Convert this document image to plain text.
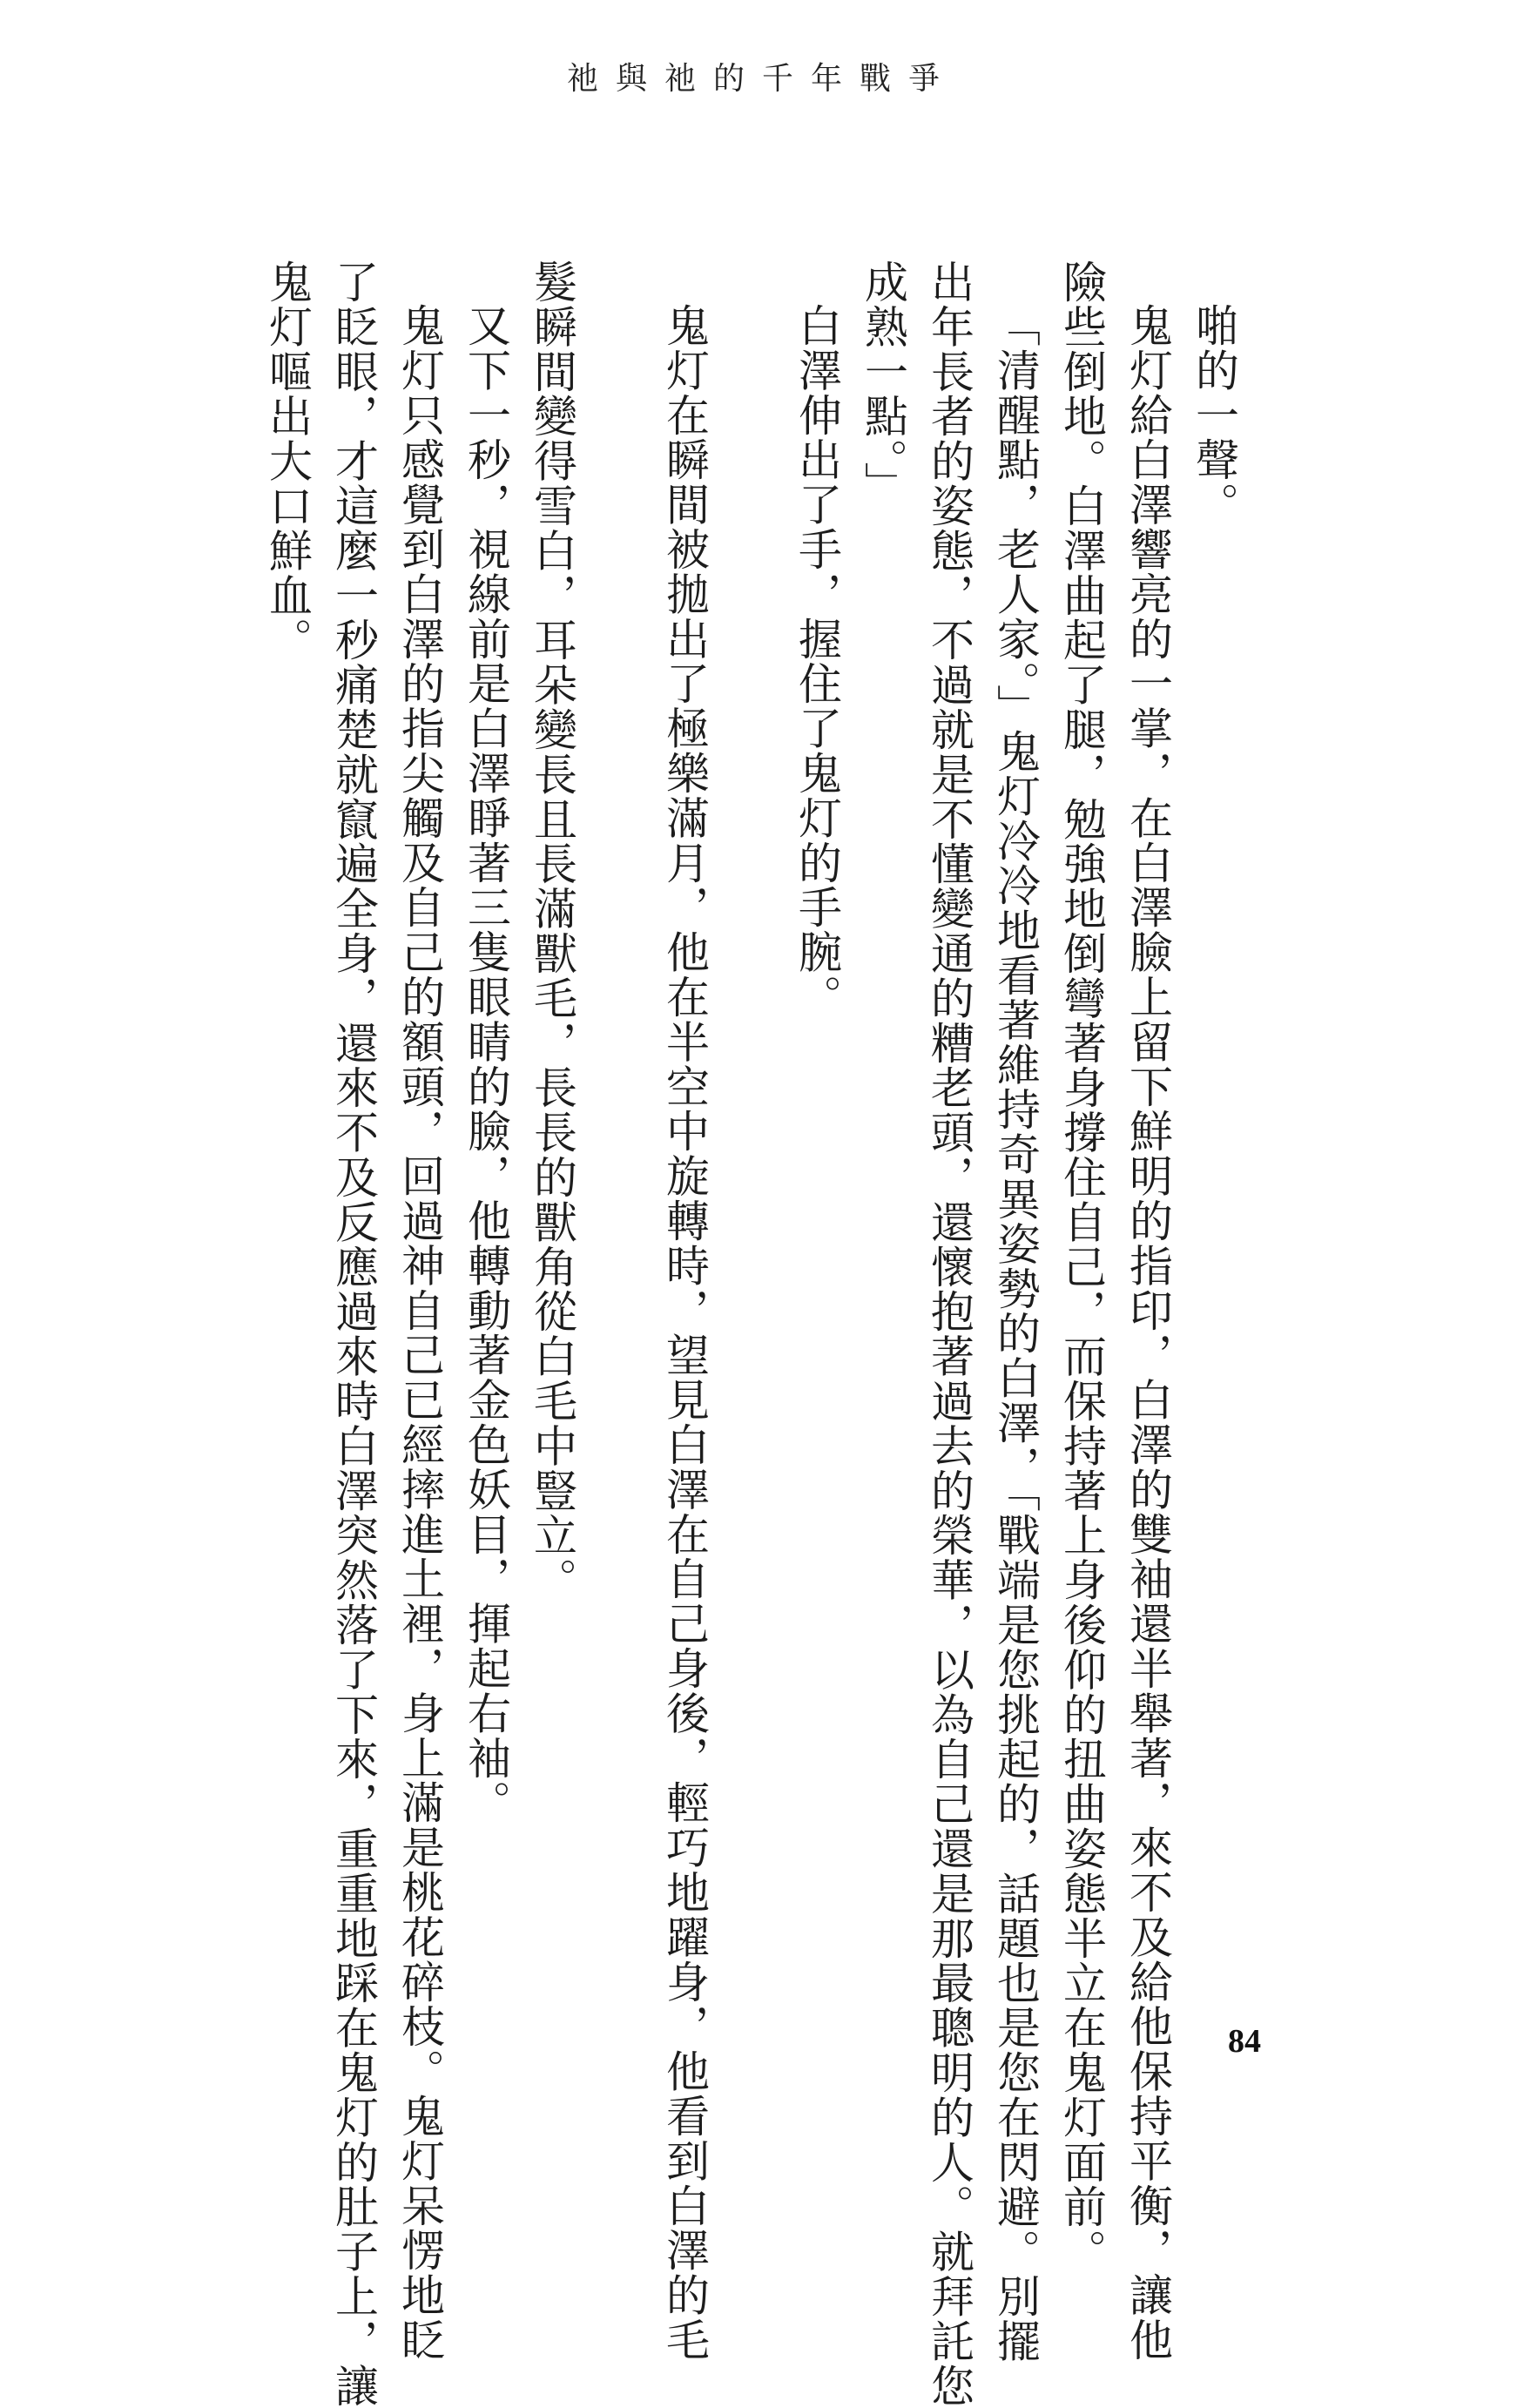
祂與祂的千年戰爭
啪的一聲。
鬼灯給白澤響亮的一掌，在白澤臉上留下鮮明的指印，白澤的雙袖還半舉著，來不及給他保持平衡，讓他
險些倒地。白澤曲起了腿，勉強地倒彎著身撐住自己，而保持著上身後仰的扭曲姿態半立在鬼灯面前。
「清醒點，老人家。」鬼灯冷冷地看著維持奇異姿勢的白澤，「戰端是您挑起的，話題也是您在閃避。別擺
出年長者的姿態，不過就是不懂變通的糟老頭，還懷抱著過去的榮華，以為自己還是那最聰明的人。就拜託您
成熟一點。」
白澤伸出了手，握住了鬼灯的手腕。
鬼灯在瞬間被拋出了極樂滿月，他在半空中旋轉時，望見白澤在自己身後，輕巧地躍身，他看到白澤的毛
髮瞬間變得雪白，耳朵變長且長滿獸毛，長長的獸角從白毛中豎立。
又下一秒，視線前是白澤睜著三隻眼睛的臉，他轉動著金色妖目，揮起右袖。
鬼灯只感覺到白澤的指尖觸及自己的額頭，回過神自己已經摔進土裡，身上滿是桃花碎枝。鬼灯呆愣地眨
了眨眼，才這麼一秒痛楚就竄遍全身，還來不及反應過來時白澤突然落了下來，重重地踩在鬼灯的肚子上，讓
鬼灯嘔出大口鮮血。
84
